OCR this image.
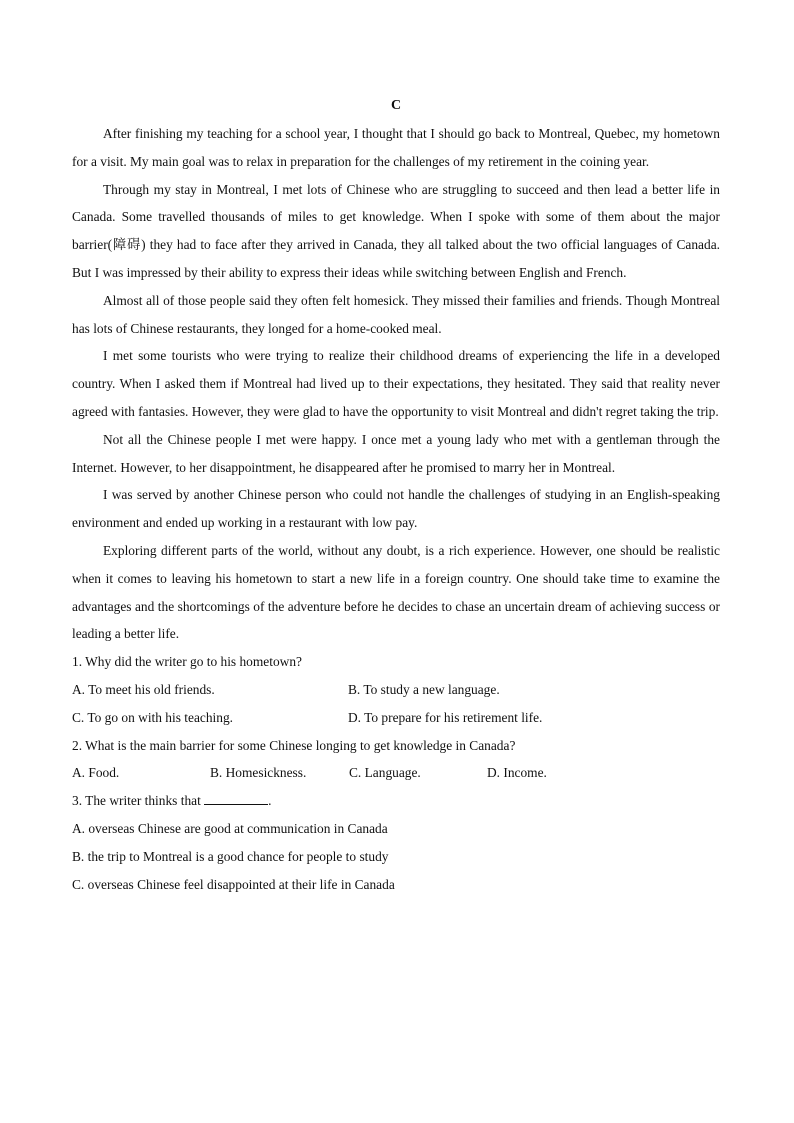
C

After finishing my teaching for a school year, I thought that I should go back to Montreal, Quebec, my hometown for a visit. My main goal was to relax in preparation for the challenges of my retirement in the coining year.

Through my stay in Montreal, I met lots of Chinese who are struggling to succeed and then lead a better life in Canada. Some travelled thousands of miles to get knowledge. When I spoke with some of them about the major barrier(障碍) they had to face after they arrived in Canada, they all talked about the two official languages of Canada. But I was impressed by their ability to express their ideas while switching between English and French.

Almost all of those people said they often felt homesick. They missed their families and friends. Though Montreal has lots of Chinese restaurants, they longed for a home-cooked meal.

I met some tourists who were trying to realize their childhood dreams of experiencing the life in a developed country. When I asked them if Montreal had lived up to their expectations, they hesitated. They said that reality never agreed with fantasies. However, they were glad to have the opportunity to visit Montreal and didn't regret taking the trip.

Not all the Chinese people I met were happy. I once met a young lady who met with a gentleman through the Internet. However, to her disappointment, he disappeared after he promised to marry her in Montreal.

I was served by another Chinese person who could not handle the challenges of studying in an English-speaking environment and ended up working in a restaurant with low pay.

Exploring different parts of the world, without any doubt, is a rich experience. However, one should be realistic when it comes to leaving his hometown to start a new life in a foreign country. One should take time to examine the advantages and the shortcomings of the adventure before he decides to chase an uncertain dream of achieving success or leading a better life.

1. Why did the writer go to his hometown?
A. To meet his old friends.	B. To study a new language.
C. To go on with his teaching.	D. To prepare for his retirement life.
2. What is the main barrier for some Chinese longing to get knowledge in Canada?
A. Food.	B. Homesickness.	C. Language.	D. Income.
3. The writer thinks that	.
A. overseas Chinese are good at communication in Canada
B. the trip to Montreal is a good chance for people to study
C. overseas Chinese feel disappointed at their life in Canada
